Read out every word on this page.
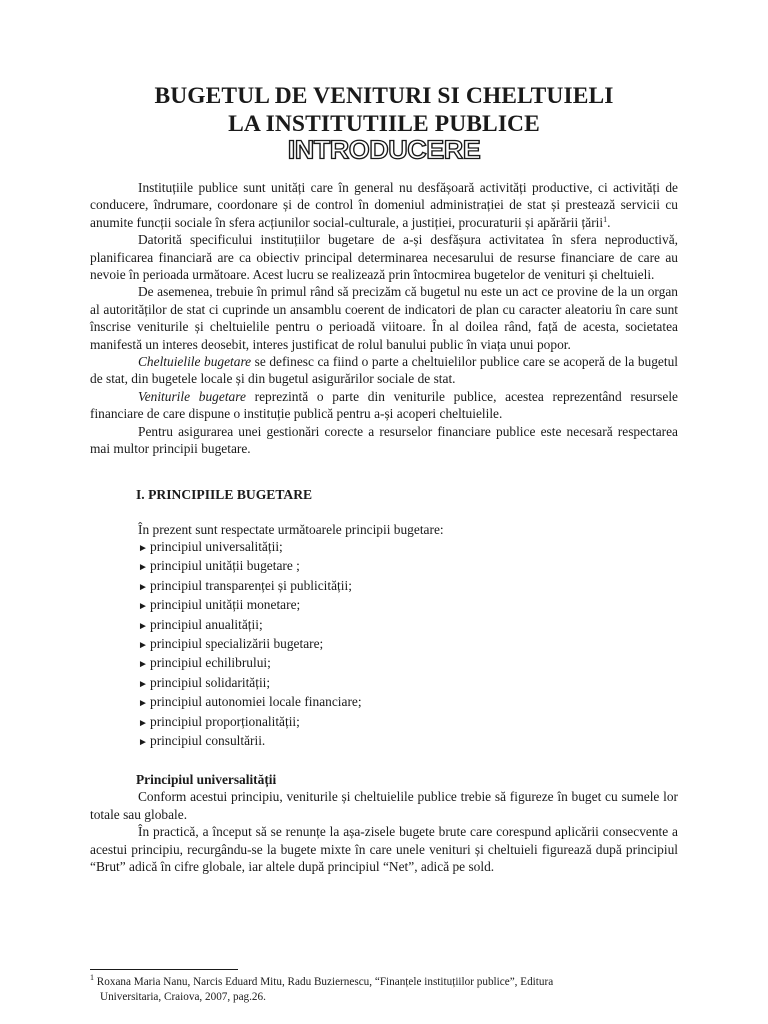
BUGETUL DE VENITURI SI CHELTUIELI
LA INSTITUTIILE PUBLICE
INTRODUCERE

Instituțiile publice sunt unități care în general nu desfășoară activități productive, ci activități de conducere, îndrumare, coordonare și de control în domeniul administrației de stat și prestează servicii cu anumite funcții sociale în sfera acțiunilor social-culturale, a justiției, procuraturii și apărării țării$^1$.

Datorită specificului instituțiilor bugetare de a-și desfășura activitatea în sfera neproductivă, planificarea financiară are ca obiectiv principal determinarea necesarului de resurse financiare de care au nevoie în perioada următoare. Acest lucru se realizează prin întocmirea bugetelor de venituri și cheltuieli.

De asemenea, trebuie în primul rând să precizăm că bugetul nu este un act ce provine de la un organ al autorităților de stat ci cuprinde un ansamblu coerent de indicatori de plan cu caracter aleatoriu în care sunt înscrise veniturile și cheltuielile pentru o perioadă viitoare. În al doilea rând, față de acesta, societatea manifestă un interes deosebit, interes justificat de rolul banului public în viața unui popor.

Cheltuielile bugetare se definesc ca fiind o parte a cheltuielilor publice care se acoperă de la bugetul de stat, din bugetele locale și din bugetul asigurărilor sociale de stat.

Veniturile bugetare reprezintă o parte din veniturile publice, acestea reprezentând resursele financiare de care dispune o instituție publică pentru a-și acoperi cheltuielile.

Pentru asigurarea unei gestionări corecte a resurselor financiare publice este necesară respectarea mai multor principii bugetare.

I. PRINCIPIILE BUGETARE

În prezent sunt respectate următoarele principii bugetare:

► principiul universalității;
► principiul unității bugetare ;
► principiul transparenței și publicității;
► principiul unității monetare;
► principiul anualității;
► principiul specializării bugetare;
► principiul echilibrului;
► principiul solidarității;
► principiul autonomiei locale financiare;
► principiul proporționalității;
► principiul consultării.

Principiul universalității

Conform acestui principiu, veniturile și cheltuielile publice trebie să figureze în buget cu sumele lor totale sau globale.

În practică, a început să se renunțe la așa-zisele bugete brute care corespund aplicării consecvente a acestui principiu, recurgându-se la bugete mixte în care unele venituri și cheltuieli figurează după principiul “Brut” adică în cifre globale, iar altele după principiul “Net”, adică pe sold.

$^1$ Roxana Maria Nanu, Narcis Eduard Mitu, Radu Buziernescu, “Finanțele instituțiilor publice”, Editura
Universitaria, Craiova, 2007, pag.26.
